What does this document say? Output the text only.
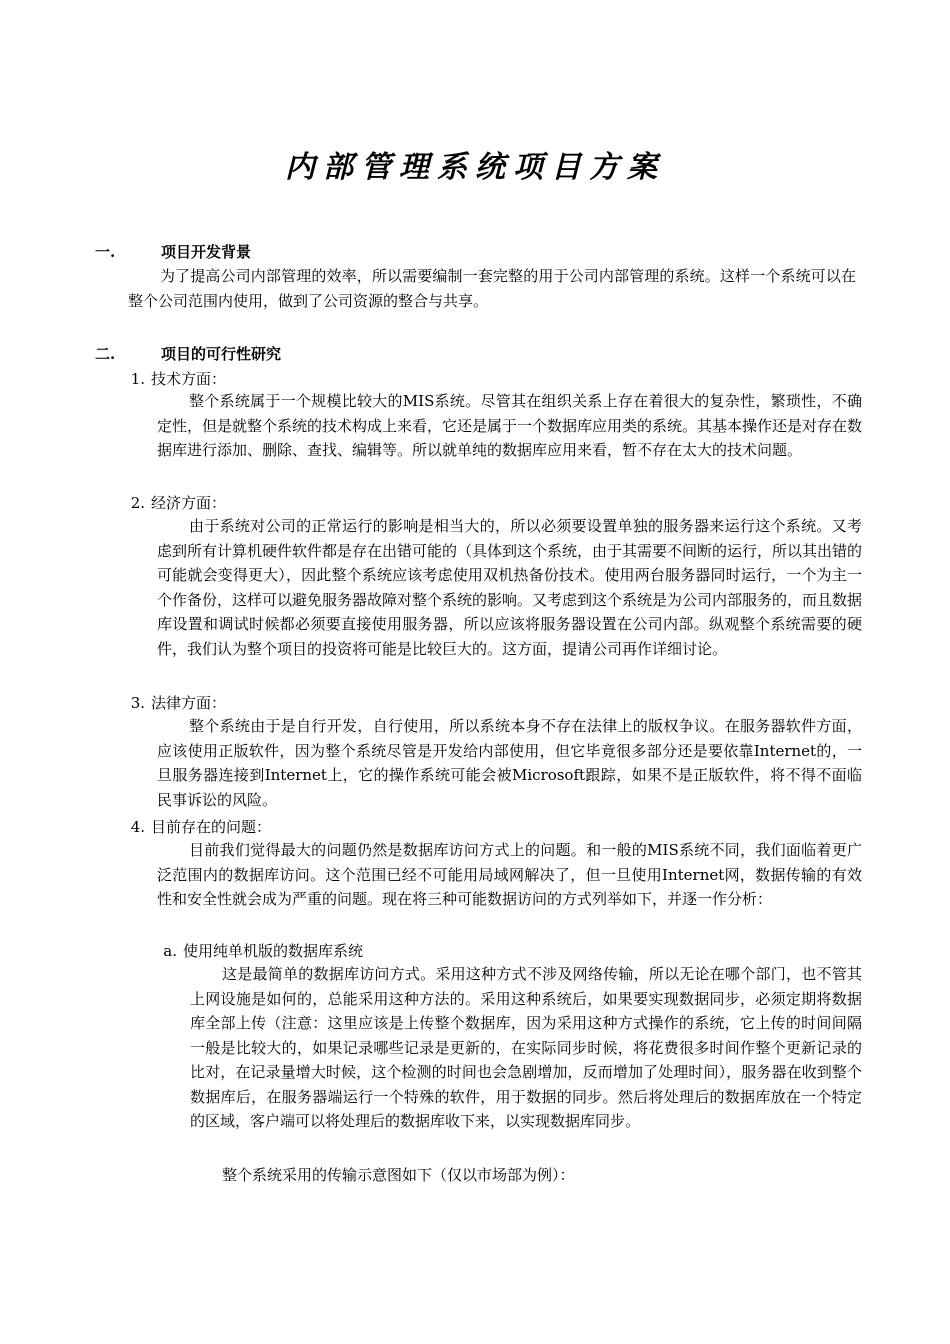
内部管理系统项目方案
一.	项目开发背景
为了提高公司内部管理的效率，所以需要编制一套完整的用于公司内部管理的系统。这样一个系统可以在整个公司范围内使用，做到了公司资源的整合与共享。
二.	项目的可行性研究
1. 技术方面：
整个系统属于一个规模比较大的MIS系统。尽管其在组织关系上存在着很大的复杂性，繁琐性，不确定性，但是就整个系统的技术构成上来看，它还是属于一个数据库应用类的系统。其基本操作还是对存在数据库进行添加、删除、查找、编辑等。所以就单纯的数据库应用来看，暂不存在太大的技术问题。
2. 经济方面：
由于系统对公司的正常运行的影响是相当大的，所以必须要设置单独的服务器来运行这个系统。又考虑到所有计算机硬件软件都是存在出错可能的（具体到这个系统，由于其需要不间断的运行，所以其出错的可能就会变得更大），因此整个系统应该考虑使用双机热备份技术。使用两台服务器同时运行，一个为主一个作备份，这样可以避免服务器故障对整个系统的影响。又考虑到这个系统是为公司内部服务的，而且数据库设置和调试时候都必须要直接使用服务器，所以应该将服务器设置在公司内部。纵观整个系统需要的硬件，我们认为整个项目的投资将可能是比较巨大的。这方面，提请公司再作详细讨论。
3. 法律方面：
整个系统由于是自行开发，自行使用，所以系统本身不存在法律上的版权争议。在服务器软件方面，应该使用正版软件，因为整个系统尽管是开发给内部使用，但它毕竟很多部分还是要依靠Internet的，一旦服务器连接到Internet上，它的操作系统可能会被Microsoft跟踪，如果不是正版软件，将不得不面临民事诉讼的风险。
4. 目前存在的问题：
目前我们觉得最大的问题仍然是数据库访问方式上的问题。和一般的MIS系统不同，我们面临着更广泛范围内的数据库访问。这个范围已经不可能用局域网解决了，但一旦使用Internet网，数据传输的有效性和安全性就会成为严重的问题。现在将三种可能数据访问的方式列举如下，并逐一作分析：
a. 使用纯单机版的数据库系统
这是最简单的数据库访问方式。采用这种方式不涉及网络传输，所以无论在哪个部门，也不管其上网设施是如何的，总能采用这种方法的。采用这种系统后，如果要实现数据同步，必须定期将数据库全部上传（注意：这里应该是上传整个数据库，因为采用这种方式操作的系统，它上传的时间间隔一般是比较大的，如果记录哪些记录是更新的，在实际同步时候，将花费很多时间作整个更新记录的比对，在记录量增大时候，这个检测的时间也会急剧增加，反而增加了处理时间），服务器在收到整个数据库后，在服务器端运行一个特殊的软件，用于数据的同步。然后将处理后的数据库放在一个特定的区域，客户端可以将处理后的数据库收下来，以实现数据库同步。
整个系统采用的传输示意图如下（仅以市场部为例）：
